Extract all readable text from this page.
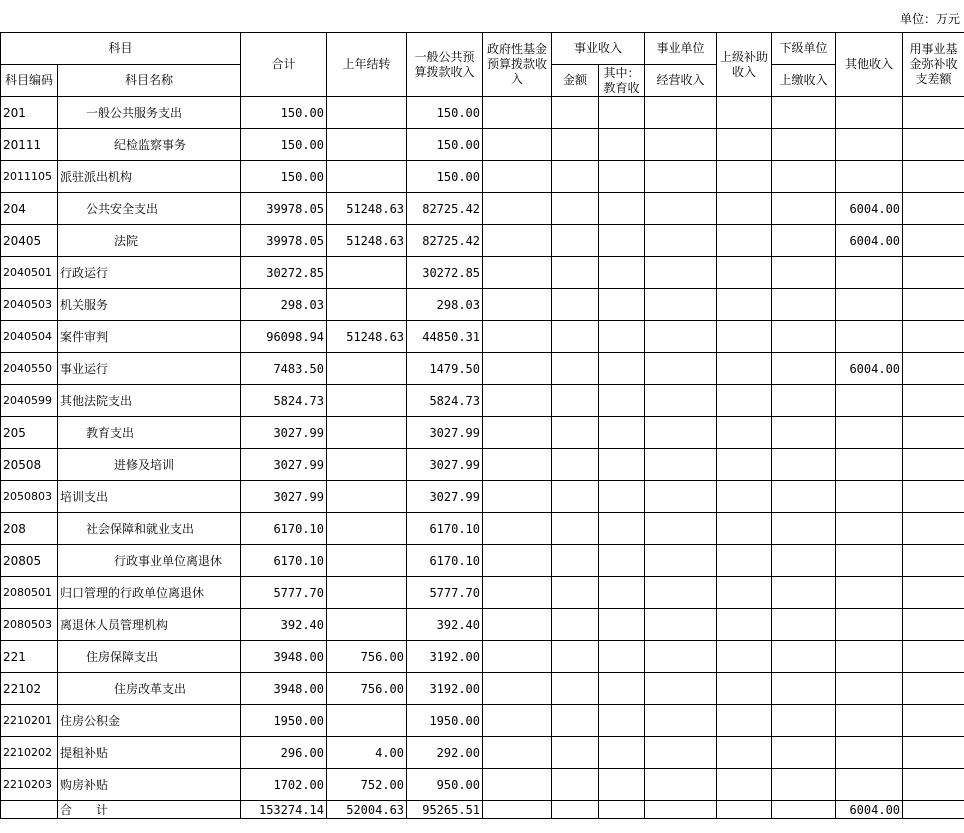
单位：万元
科目		合计	上年结转	一般公共预算拨款收入	政府性基金预算拨款收入	事业收入		事业单位	上级补助收入	下级单位	其他收入	用事业基金弥补收支差额
科目编码	科目名称					金额	其中：教育收	经营收入		上缴收入		
201	一般公共服务支出	150.00		150.00								
20111	纪检监察事务	150.00		150.00								
2011105	派驻派出机构	150.00		150.00								
204	公共安全支出	39978.05	51248.63	82725.42							6004.00	
20405	法院	39978.05	51248.63	82725.42							6004.00	
2040501	行政运行	30272.85		30272.85								
2040503	机关服务	298.03		298.03								
2040504	案件审判	96098.94	51248.63	44850.31								
2040550	事业运行	7483.50		1479.50							6004.00	
2040599	其他法院支出	5824.73		5824.73								
205	教育支出	3027.99		3027.99								
20508	进修及培训	3027.99		3027.99								
2050803	培训支出	3027.99		3027.99								
208	社会保障和就业支出	6170.10		6170.10								
20805	行政事业单位离退休	6170.10		6170.10								
2080501	归口管理的行政单位离退休	5777.70		5777.70								
2080503	离退休人员管理机构	392.40		392.40								
221	住房保障支出	3948.00	756.00	3192.00								
22102	住房改革支出	3948.00	756.00	3192.00								
2210201	住房公积金	1950.00		1950.00								
2210202	提租补贴	296.00	4.00	292.00								
2210203	购房补贴	1702.00	752.00	950.00								
	合　　计	153274.14	52004.63	95265.51							6004.00	
